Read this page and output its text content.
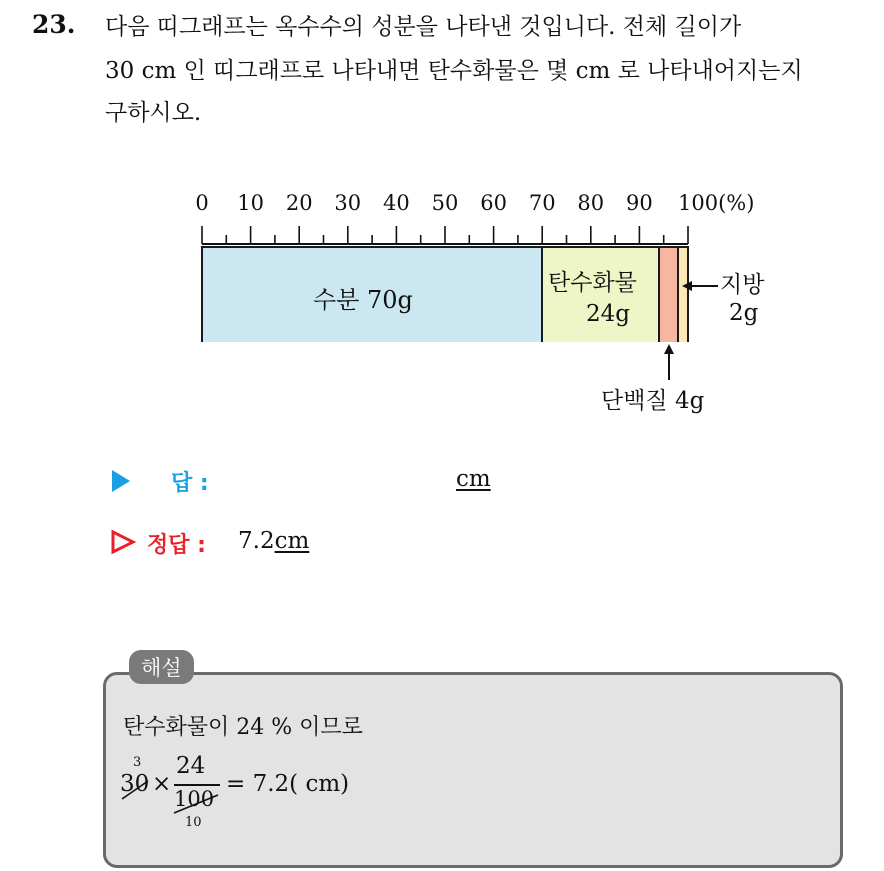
23. 다음 띠그래프는 옥수수의 성분을 나타낸 것입니다. 전체 길이가
30 cm 인 띠그래프로 나타내면 탄수화물은 몇 cm 로 나타내어지는지
구하시오.
0 10 20 30 40 50 60 70 80 90 100(%)
수분 70g
탄수화물
24g
지방
2g
단백질 4g
답 :	cm
정답 : 7.2cm
해설
탄수화물이 24 % 이므로
3
30 ×
24
100
10
= 7.2( cm)
